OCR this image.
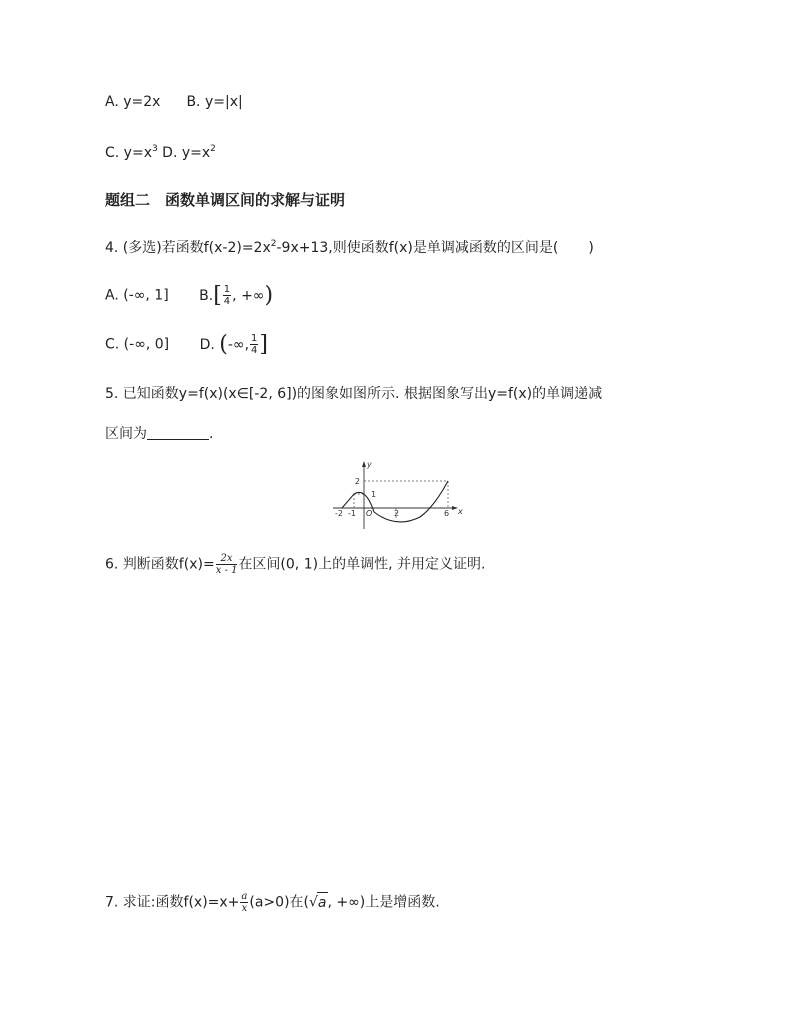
A. y=2x B. y=|x|
C. $y=x^3$ D. $y=x^2$
题组二　函数单调区间的求解与证明
4. (多选)若函数$f(x-2)=2x^2-9x+13$,则使函数f(x)是单调减函数的区间是( )
A. (-∞, 1] $B.[ \frac{1}{4}$ , +∞)
C. (-∞, 0] D. (-∞, $\frac{1}{4}$ ]
5. 已知函数y=f(x)(x∈[-2, 6])的图象如图所示. 根据图象写出y=f(x)的单调递减
区间为	.
x
y
2
1
-2 -1 O	2	6
6. 判断函数$f(x)= \frac{2x}{x - 1}$在区间(0, 1)上的单调性, 并用定义证明.
7. 求证:函数$f(x)=x+ \frac{a}{x}(a>0)$在(√a, +∞)上是增函数.
